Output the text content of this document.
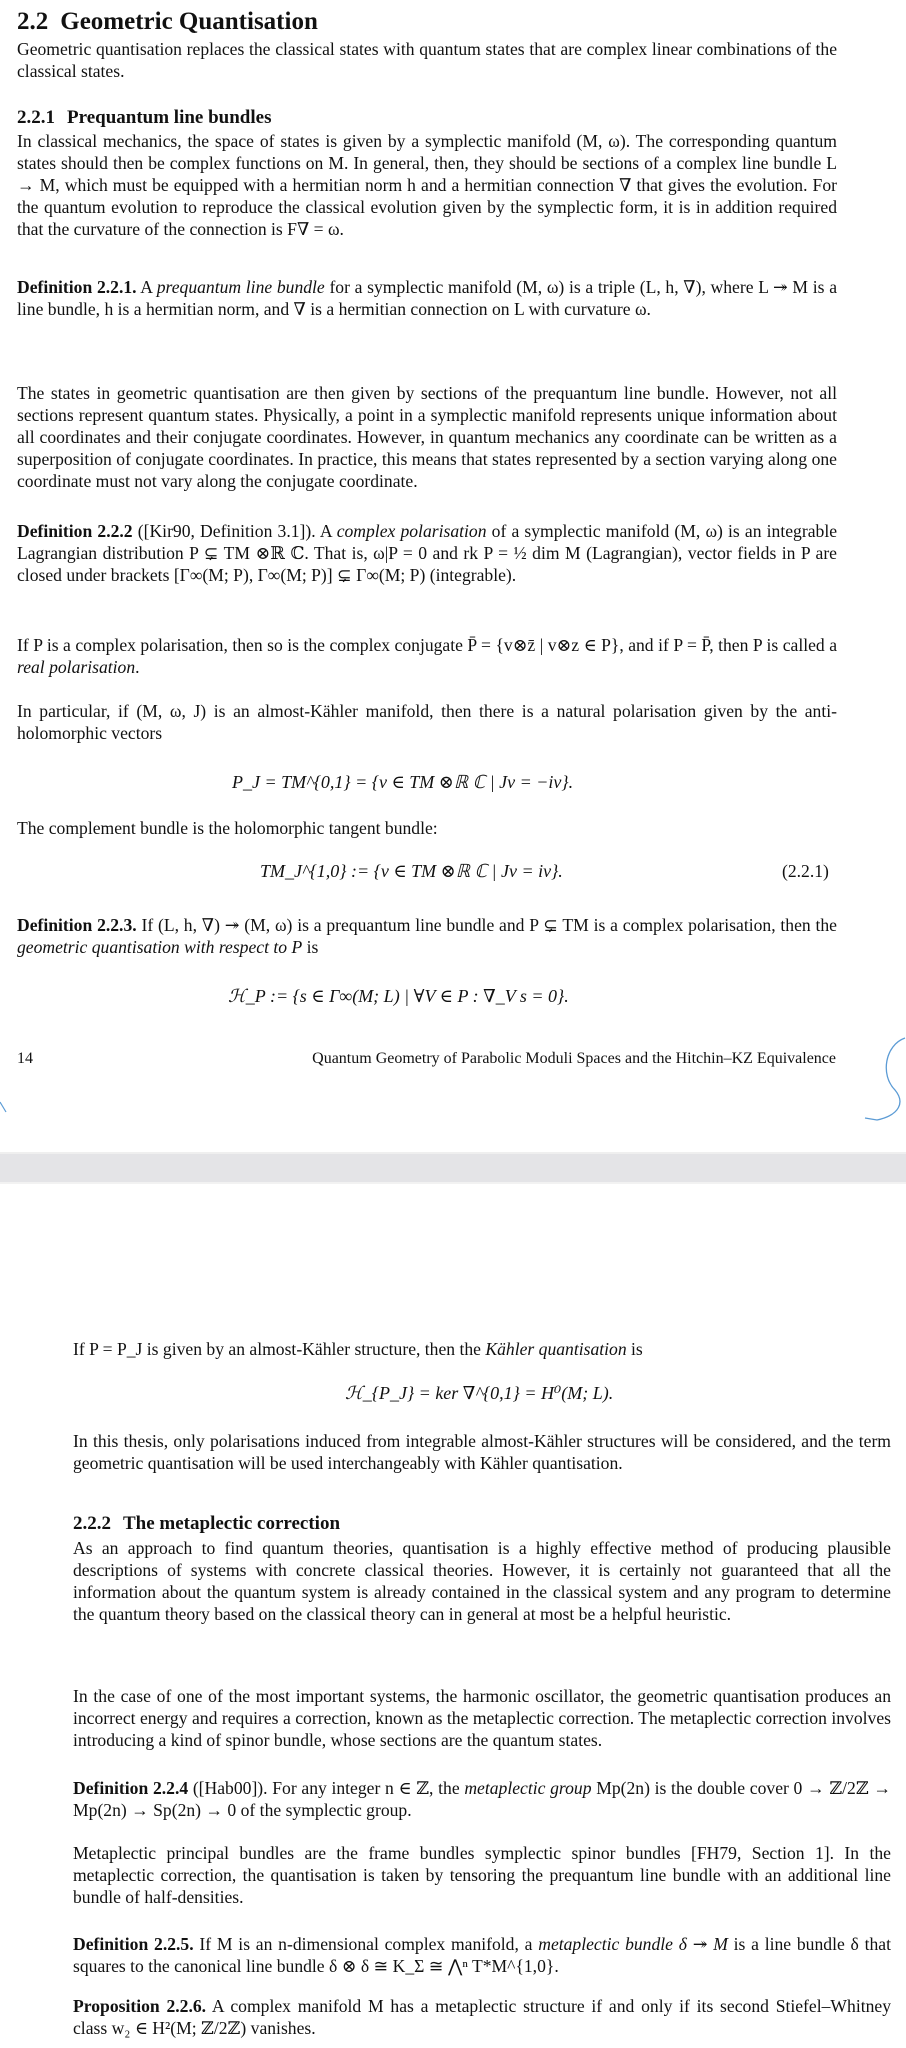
2.2 Geometric Quantisation
Geometric quantisation replaces the classical states with quantum states that are complex linear combinations of the classical states.
2.2.1 Prequantum line bundles
In classical mechanics, the space of states is given by a symplectic manifold (M, ω). The corresponding quantum states should then be complex functions on M. In general, then, they should be sections of a complex line bundle L → M, which must be equipped with a hermitian norm h and a hermitian connection ∇ that gives the evolution. For the quantum evolution to reproduce the classical evolution given by the symplectic form, it is in addition required that the curvature of the connection is F∇ = ω.
Definition 2.2.1. A prequantum line bundle for a symplectic manifold (M, ω) is a triple (L, h, ∇), where L ↠ M is a line bundle, h is a hermitian norm, and ∇ is a hermitian connection on L with curvature ω.
The states in geometric quantisation are then given by sections of the prequantum line bundle. However, not all sections represent quantum states. Physically, a point in a symplectic manifold represents unique information about all coordinates and their conjugate coordinates. However, in quantum mechanics any coordinate can be written as a superposition of conjugate coordinates. In practice, this means that states represented by a section varying along one coordinate must not vary along the conjugate coordinate.
Definition 2.2.2 ([Kir90, Definition 3.1]). A complex polarisation of a symplectic manifold (M, ω) is an integrable Lagrangian distribution P ⊊ TM ⊗ℝ ℂ. That is, ω|P = 0 and rk P = ½ dim M (Lagrangian), vector fields in P are closed under brackets [Γ∞(M; P), Γ∞(M; P)] ⊊ Γ∞(M; P) (integrable).
If P is a complex polarisation, then so is the complex conjugate P̄ = {v⊗z̄ | v⊗z ∈ P}, and if P = P̄, then P is called a real polarisation.
In particular, if (M, ω, J) is an almost-Kähler manifold, then there is a natural polarisation given by the anti-holomorphic vectors
P_J = TM^{0,1} = {v ∈ TM ⊗ℝ ℂ | Jv = −iv}.
The complement bundle is the holomorphic tangent bundle:
TM_J^{1,0} := {v ∈ TM ⊗ℝ ℂ | Jv = iv}.	(2.2.1)
Definition 2.2.3. If (L, h, ∇) ↠ (M, ω) is a prequantum line bundle and P ⊊ TM is a complex polarisation, then the geometric quantisation with respect to P is
ℋ_P := {s ∈ Γ∞(M; L) | ∀V ∈ P : ∇_V s = 0}.
14	Quantum Geometry of Parabolic Moduli Spaces and the Hitchin–KZ Equivalence
If P = P_J is given by an almost-Kähler structure, then the Kähler quantisation is
ℋ_{P_J} = ker ∇^{0,1} = H⁰(M; L).
In this thesis, only polarisations induced from integrable almost-Kähler structures will be considered, and the term geometric quantisation will be used interchangeably with Kähler quantisation.
2.2.2 The metaplectic correction
As an approach to find quantum theories, quantisation is a highly effective method of producing plausible descriptions of systems with concrete classical theories. However, it is certainly not guaranteed that all the information about the quantum system is already contained in the classical system and any program to determine the quantum theory based on the classical theory can in general at most be a helpful heuristic.
In the case of one of the most important systems, the harmonic oscillator, the geometric quantisation produces an incorrect energy and requires a correction, known as the metaplectic correction. The metaplectic correction involves introducing a kind of spinor bundle, whose sections are the quantum states.
Definition 2.2.4 ([Hab00]). For any integer n ∈ ℤ, the metaplectic group Mp(2n) is the double cover 0 → ℤ/2ℤ → Mp(2n) → Sp(2n) → 0 of the symplectic group.
Metaplectic principal bundles are the frame bundles symplectic spinor bundles [FH79, Section 1]. In the metaplectic correction, the quantisation is taken by tensoring the prequantum line bundle with an additional line bundle of half-densities.
Definition 2.2.5. If M is an n-dimensional complex manifold, a metaplectic bundle δ ↠ M is a line bundle δ that squares to the canonical line bundle δ ⊗ δ ≅ K_Σ ≅ ⋀ⁿ T*M^{1,0}.
Proposition 2.2.6. A complex manifold M has a metaplectic structure if and only if its second Stiefel–Whitney class w₂ ∈ H²(M; ℤ/2ℤ) vanishes.
